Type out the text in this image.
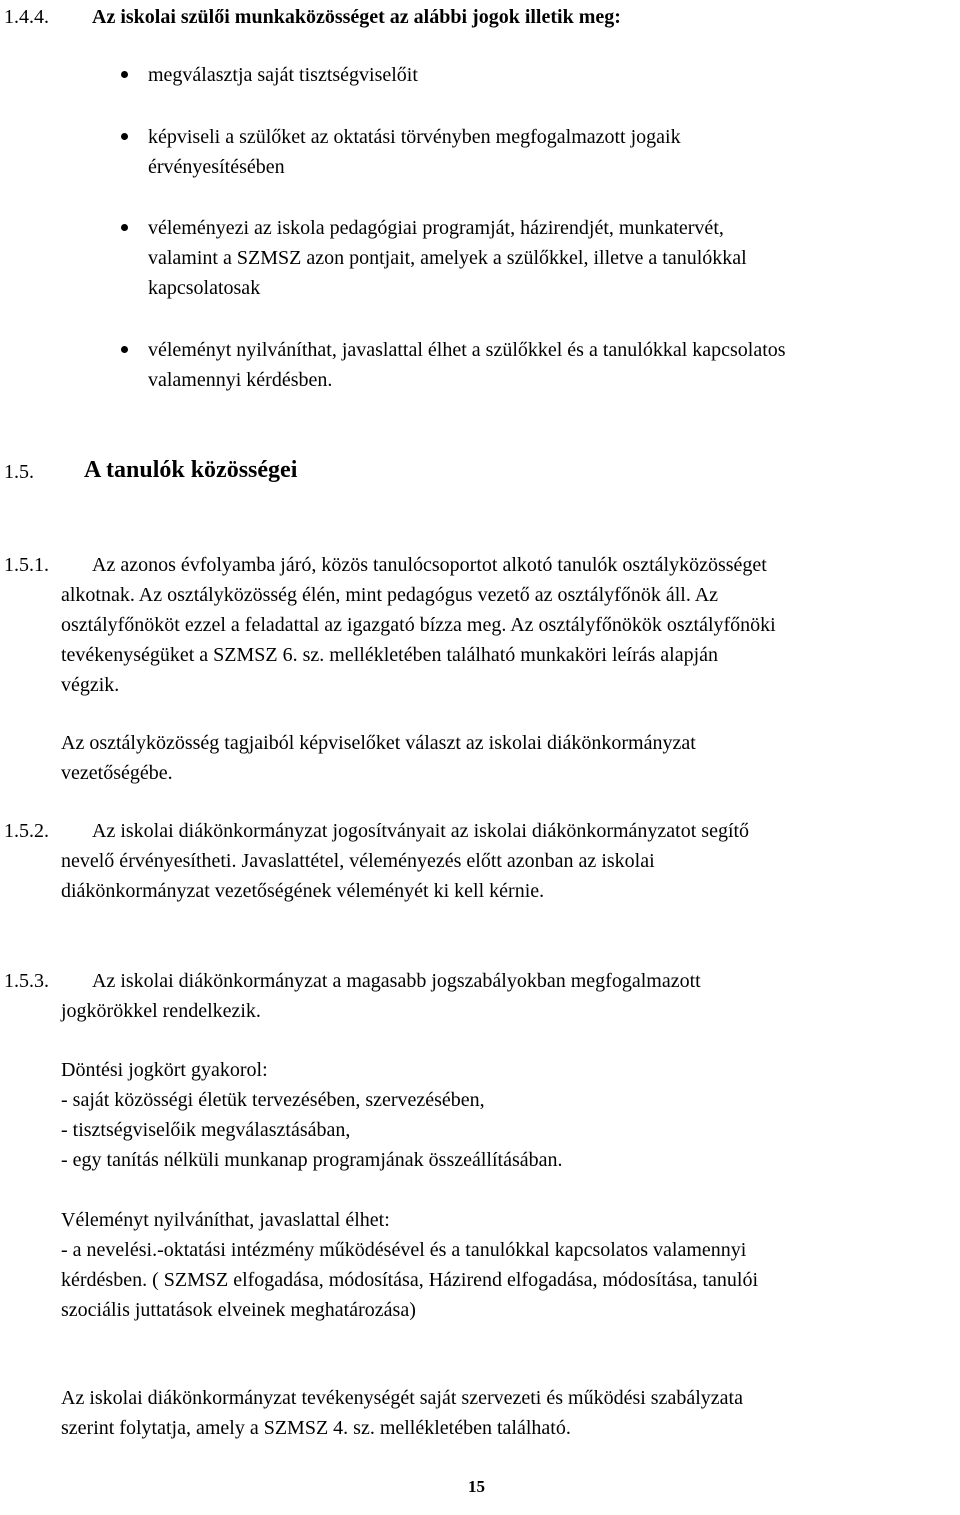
1.4.4. Az iskolai szülői munkaközösséget az alábbi jogok illetik meg:
megválasztja saját tisztségviselőit
képviseli a szülőket az oktatási törvényben megfogalmazott jogaik
érvényesítésében
véleményezi az iskola pedagógiai programját, házirendjét, munkatervét,
valamint a SZMSZ azon pontjait, amelyek a szülőkkel, illetve a tanulókkal
kapcsolatosak
véleményt nyilváníthat, javaslattal élhet a szülőkkel és a tanulókkal kapcsolatos
valamennyi kérdésben.
1.5. A tanulók közösségei
1.5.1. Az azonos évfolyamba járó, közös tanulócsoportot alkotó tanulók osztályközösséget
alkotnak. Az osztályközösség élén, mint pedagógus vezető az osztályfőnök áll. Az
osztályfőnököt ezzel a feladattal az igazgató bízza meg. Az osztályfőnökök osztályfőnöki
tevékenységüket a SZMSZ 6. sz. mellékletében található munkaköri leírás alapján
végzik.
Az osztályközösség tagjaiból képviselőket választ az iskolai diákönkormányzat
vezetőségébe.
1.5.2. Az iskolai diákönkormányzat jogosítványait az iskolai diákönkormányzatot segítő
nevelő érvényesítheti. Javaslattétel, véleményezés előtt azonban az iskolai
diákönkormányzat vezetőségének véleményét ki kell kérnie.
1.5.3. Az iskolai diákönkormányzat a magasabb jogszabályokban megfogalmazott
jogkörökkel rendelkezik.
Döntési jogkört gyakorol:
- saját közösségi életük tervezésében, szervezésében,
- tisztségviselőik megválasztásában,
- egy tanítás nélküli munkanap programjának összeállításában.
Véleményt nyilváníthat, javaslattal élhet:
- a nevelési.-oktatási intézmény működésével és a tanulókkal kapcsolatos valamennyi
kérdésben. ( SZMSZ elfogadása, módosítása, Házirend elfogadása, módosítása, tanulói
szociális juttatások elveinek meghatározása)
Az iskolai diákönkormányzat tevékenységét saját szervezeti és működési szabályzata
szerint folytatja, amely a SZMSZ 4. sz. mellékletében található.
15
